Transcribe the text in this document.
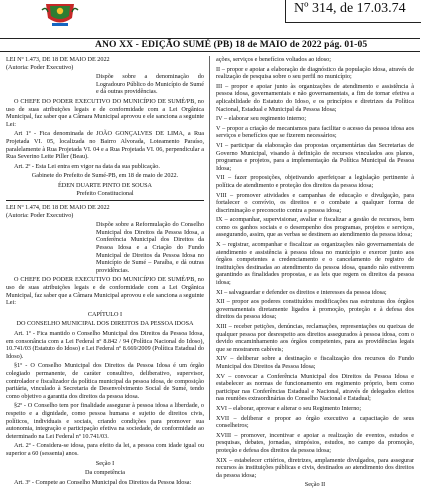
Nº 314, de 17.03.74
ANO XX - EDIÇÃO SUMÉ (PB) 18 de MAIO de 2022 pág. 01-05

LEI Nº 1.473, DE 18 DE MAIO DE 2022
(Autoria: Poder Executivo)

Dispõe sobre a denominação do Logradouro Público do Município de Sumé e dá outras providências.

O CHEFE DO PODER EXECUTIVO DO MUNICÍPIO DE SUMÉ/PB, no uso de suas atribuições legais e de conformidade com a Lei Orgânica Municipal, faz saber que a Câmara Municipal aprovou e ele sanciona a seguinte Lei:

Art 1º - Fica denominada de JOÃO GONÇALVES DE LIMA, a Rua Projetada VI. 05, localizada no Bairro Alvorada, Loteamento Paraíso, paralelamente à Rua Projetada VI. 04 e a Rua Projetada VI. 06, perpendicular a Rua Severino Leite Piller (Beau).

Art. 2º - Esta Lei entra em vigor na data da sua publicação.

Gabinete do Prefeito de Sumé-PB, em 18 de maio de 2022.

ÉDEN DUARTE PINTO DE SOUSA
Prefeito Constitucional

LEI Nº 1.474, DE 18 DE MAIO DE 2022
(Autoria: Poder Executivo)

Dispõe sobre a Reformulação do Conselho Municipal dos Direitos da Pessoa Idosa, a Conferência Municipal dos Direitos da Pessoa Idosa e a Criação do Fundo Municipal de Direitos da Pessoa Idosa no Município de Sumé – Paraíba, e dá outras providências.

O CHEFE DO PODER EXECUTIVO DO MUNICÍPIO DE SUMÉ/PB, no uso de suas atribuições legais e de conformidade com a Lei Orgânica Municipal, faz saber que a Câmara Municipal aprovou e ele sanciona a seguinte Lei:

CAPÍTULO I

DO CONSELHO MUNICIPAL DOS DIREITOS DA PESSOA IDOSA

Art. 1º - Fica mantido o Conselho Municipal dos Direitos da Pessoa Idosa, em consonância com a Lei Federal nº 8.842 / 94 (Política Nacional do Idoso), 10.741/03 (Estatuto do Idoso) e Lei Federal nº 8.669/2009 (Política Estadual do Idoso).

§1º - O Conselho Municipal dos Direitos da Pessoa Idosa é um órgão colegiado permanente, de caráter consultivo, deliberativo, supervisor, controlador e fiscalizador da política municipal da pessoa idosa, de composição paritária, vinculado à Secretaria de Desenvolvimento Social de Sumé, tendo como objetivo a garantia dos direitos da pessoa idosa.

§2º - O Conselho tem por finalidade assegurar à pessoa idosa a liberdade, o respeito e a dignidade, como pessoa humana e sujeito de direitos civis, políticos, individuais e sociais, criando condições para promover sua autonomia, integração e participação efetiva na sociedade, de conformidade ao determinado na Lei Federal nº 10.741/03.

Art. 2º - Considera-se idosa, para efeito da lei, a pessoa com idade igual ou superior a 60 (sessenta) anos.

Seção I

Da competência

Art. 3º - Compete ao Conselho Municipal dos Direitos da Pessoa Idosa:

ações, serviços e benefícios voltados ao idoso;

II – propor e apoiar a elaboração de diagnóstico da população idosa, através de realização de pesquisa sobre o seu perfil no município;

III – propor e apoiar junto às organizações de atendimento e assistência à pessoa idosa, governamentais e não governamentais, a fim de tornar efetiva a aplicabilidade do Estatuto do Idoso, e os princípios e diretrizes da Política Nacional, Estadual e Municipal da Pessoa Idosa;

IV – elaborar seu regimento interno;

V – propor a criação de mecanismos para facilitar o acesso da pessoa idosa aos serviços e benefícios que se fizerem necessários;

VI – participar da elaboração das propostas orçamentárias das Secretarias de Governo Municipal, visando à definição de recursos vinculados aos planos, programas e projetos, para a implementação da Política Municipal da Pessoa Idosa;

VII – fazer proposições, objetivando aperfeiçoar a legislação pertinente à política de atendimento e proteção dos direitos da pessoa idosa;

VIII – promover atividades e campanhas de educação e divulgação, para fortalecer o convívio, os direitos e o combate a qualquer forma de discriminação e preconceito contra a pessoa idosa;

IX – acompanhar, supervisionar, avaliar e fiscalizar a gestão de recursos, bem como os ganhos sociais e o desempenho dos programas, projetos e serviços, assegurando, assim, que as verbas se destinem ao atendimento da pessoa idosa;

X – registrar, acompanhar e fiscalizar as organizações não governamentais de atendimento e assistência à pessoa idosa no município e exercer junto aos órgãos competentes a credenciamento e o cancelamento de registro de instituições destinadas ao atendimento da pessoa idosa, quando não estiverem garantindo as finalidades propostas, e as leis que regem os direitos da pessoa idosa;

XI – salvaguardar e defender os direitos e interesses da pessoa idosa;

XII – propor aos poderes constituídos modificações nas estruturas dos órgãos governamentais diretamente ligados à promoção, proteção e à defesa dos direitos da pessoa idosa;

XIII – receber petições, denúncias, reclamações, representações ou queixas de qualquer pessoa por desrespeito aos direitos assegurados à pessoa idosa, com o devido encaminhamento aos órgãos competentes, para as providências legais que se mostrarem cabíveis;

XIV – deliberar sobre a destinação e fiscalização dos recursos do Fundo Municipal dos Direitos da Pessoa Idosa;

XV – convocar a Conferência Municipal dos Direitos da Pessoa Idosa e estabelecer as normas de funcionamento em regimento próprio, bem como participar nas Conferências Estadual e Nacional, através de delegados eleitos nas reuniões extraordinárias do Conselho Nacional e Estadual;

XVI – elaborar, aprovar e alterar o seu Regimento Interno;

XVII – deliberar e propor ao órgão executivo a capacitação de seus conselheiros;

XVIII – promover, incentivar e apoiar a realização de eventos, estudos e pesquisas, debates, jornadas, simpósios, estudos, no campo da promoção, proteção e defesa dos direitos da pessoa idosa;

XIX – estabelecer critérios, diretrizes, amplamente divulgados, para assegurar recursos às instituições públicas e civis, destinados ao atendimento dos direitos da pessoa idosa;

Seção II
